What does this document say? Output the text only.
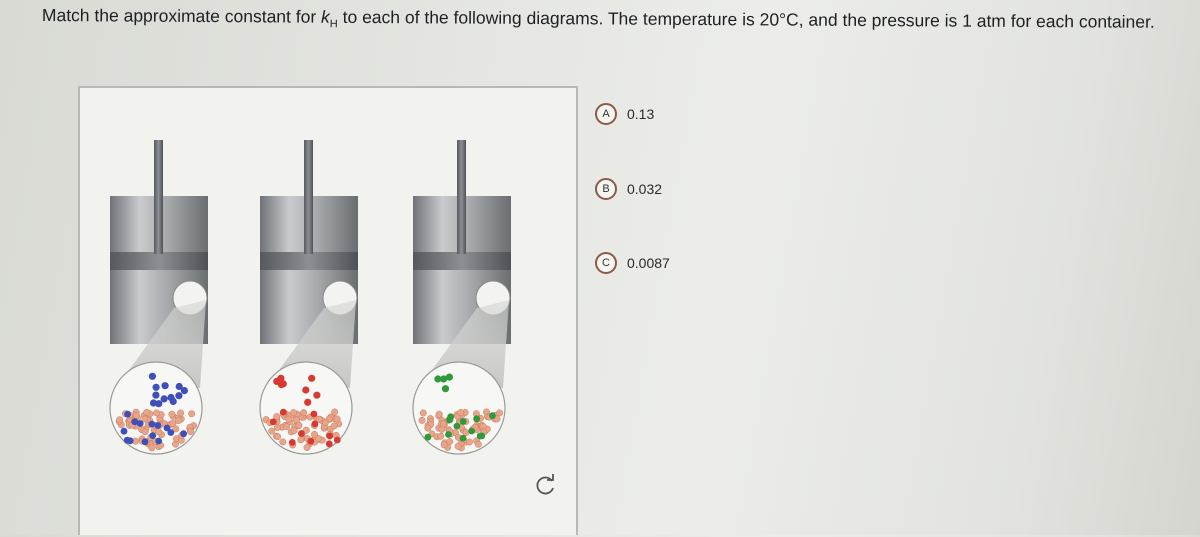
Match the approximate constant for $k_H$ to each of the following diagrams. The temperature is 20°C, and the pressure is 1 atm for each container.
A	0.13
B	0.032
C	0.0087
